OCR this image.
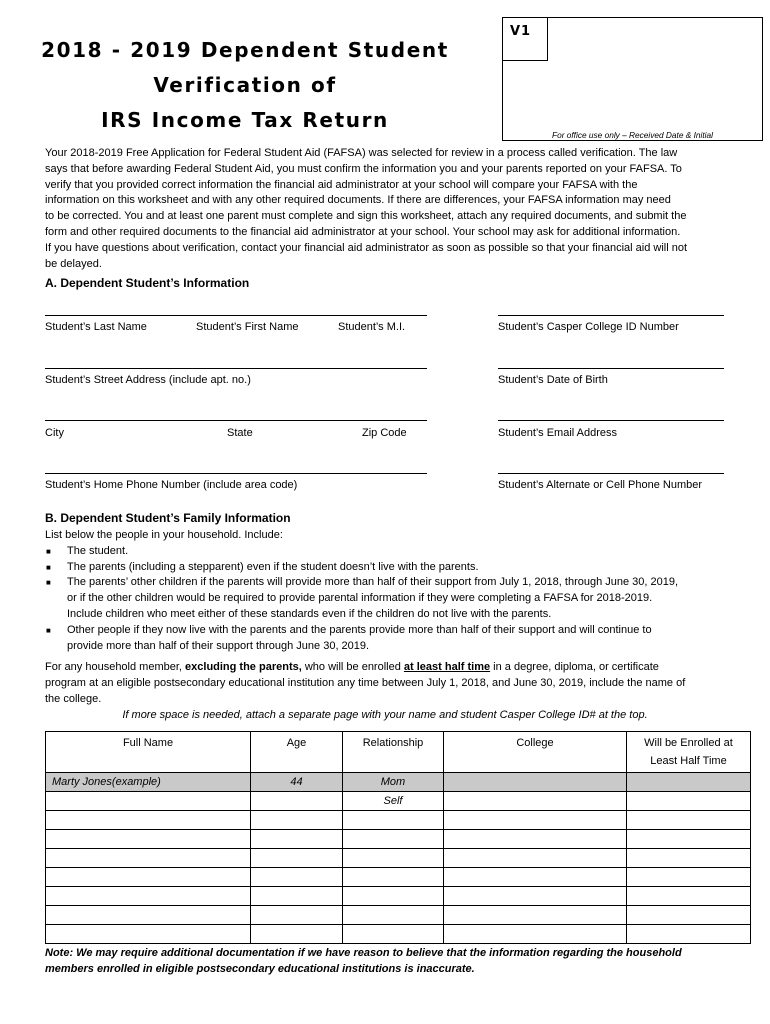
2018 - 2019 Dependent Student
Verification of
IRS Income Tax Return
V1
For office use only – Received Date & Initial

Your 2018-2019 Free Application for Federal Student Aid (FAFSA) was selected for review in a process called verification. The law

says that before awarding Federal Student Aid, you must confirm the information you and your parents reported on your FAFSA. To

verify that you provided correct information the financial aid administrator at your school will compare your FAFSA with the

information on this worksheet and with any other required documents. If there are differences, your FAFSA information may need

to be corrected. You and at least one parent must complete and sign this worksheet, attach any required documents, and submit the

form and other required documents to the financial aid administrator at your school. Your school may ask for additional information.

If you have questions about verification, contact your financial aid administrator as soon as possible so that your financial aid will not

be delayed.

A. Dependent Student’s Information
Student’s Last Name	Student’s First Name	Student’s M.I.	Student’s Casper College ID Number
Student’s Street Address (include apt. no.)	Student’s Date of Birth
City	State	Zip Code	Student’s Email Address
Student’s Home Phone Number (include area code)	Student’s Alternate or Cell Phone Number
B. Dependent Student’s Family Information

List below the people in your household. Include:

■ The student.

■ The parents (including a stepparent) even if the student doesn’t live with the parents.

■ The parents’ other children if the parents will provide more than half of their support from July 1, 2018, through June 30, 2019,

or if the other children would be required to provide parental information if they were completing a FAFSA for 2018-2019.

Include children who meet either of these standards even if the children do not live with the parents.

■ Other people if they now live with the parents and the parents provide more than half of their support and will continue to

provide more than half of their support through June 30, 2019.

For any household member, excluding the parents, who will be enrolled at least half time in a degree, diploma, or certificate

program at an eligible postsecondary educational institution any time between July 1, 2018, and June 30, 2019, include the name of

the college.

If more space is needed, attach a separate page with your name and student Casper College ID# at the top.
Full Name	Age	Relationship	College	Will be Enrolled at
Least Half Time

Marty Jones(example)	44	Mom		
		Self		

Note: We may require additional documentation if we have reason to believe that the information regarding the household

members enrolled in eligible postsecondary educational institutions is inaccurate.
